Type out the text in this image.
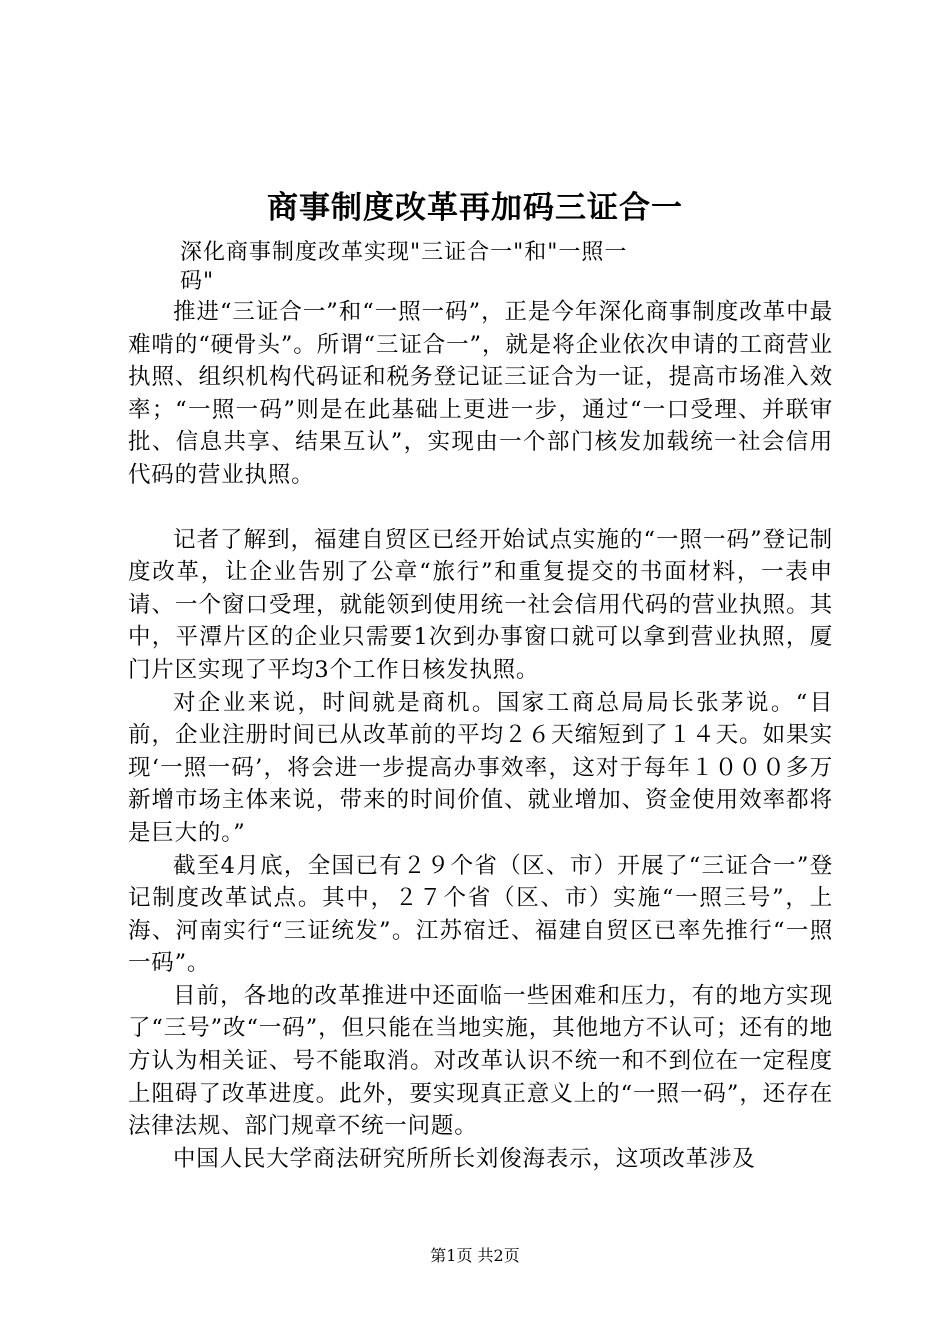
商事制度改革再加码三证合一
深化商事制度改革实现"三证合一"和"一照一码"

推进“三证合一”和“一照一码”，正是今年深化商事制度改革中最难啃的“硬骨头”。所谓“三证合一”，就是将企业依次申请的工商营业执照、组织机构代码证和税务登记证三证合为一证，提高市场准入效率；“一照一码”则是在此基础上更进一步，通过“一口受理、并联审批、信息共享、结果互认”，实现由一个部门核发加载统一社会信用代码的营业执照。

记者了解到，福建自贸区已经开始试点实施的“一照一码”登记制度改革，让企业告别了公章“旅行”和重复提交的书面材料，一表申请、一个窗口受理，就能领到使用统一社会信用代码的营业执照。其中，平潭片区的企业只需要1次到办事窗口就可以拿到营业执照，厦门片区实现了平均3个工作日核发执照。

对企业来说，时间就是商机。国家工商总局局长张茅说。“目前，企业注册时间已从改革前的平均２６天缩短到了１４天。如果实现‘一照一码’，将会进一步提高办事效率，这对于每年１０００多万新增市场主体来说，带来的时间价值、就业增加、资金使用效率都将是巨大的。”

截至4月底，全国已有２９个省（区、市）开展了“三证合一”登记制度改革试点。其中，２７个省（区、市）实施“一照三号”，上海、河南实行“三证统发”。江苏宿迁、福建自贸区已率先推行“一照一码”。

目前，各地的改革推进中还面临一些困难和压力，有的地方实现了“三号”改“一码”，但只能在当地实施，其他地方不认可；还有的地方认为相关证、号不能取消。对改革认识不统一和不到位在一定程度上阻碍了改革进度。此外，要实现真正意义上的“一照一码”，还存在法律法规、部门规章不统一问题。

中国人民大学商法研究所所长刘俊海表示，这项改革涉及

第1页 共2页
